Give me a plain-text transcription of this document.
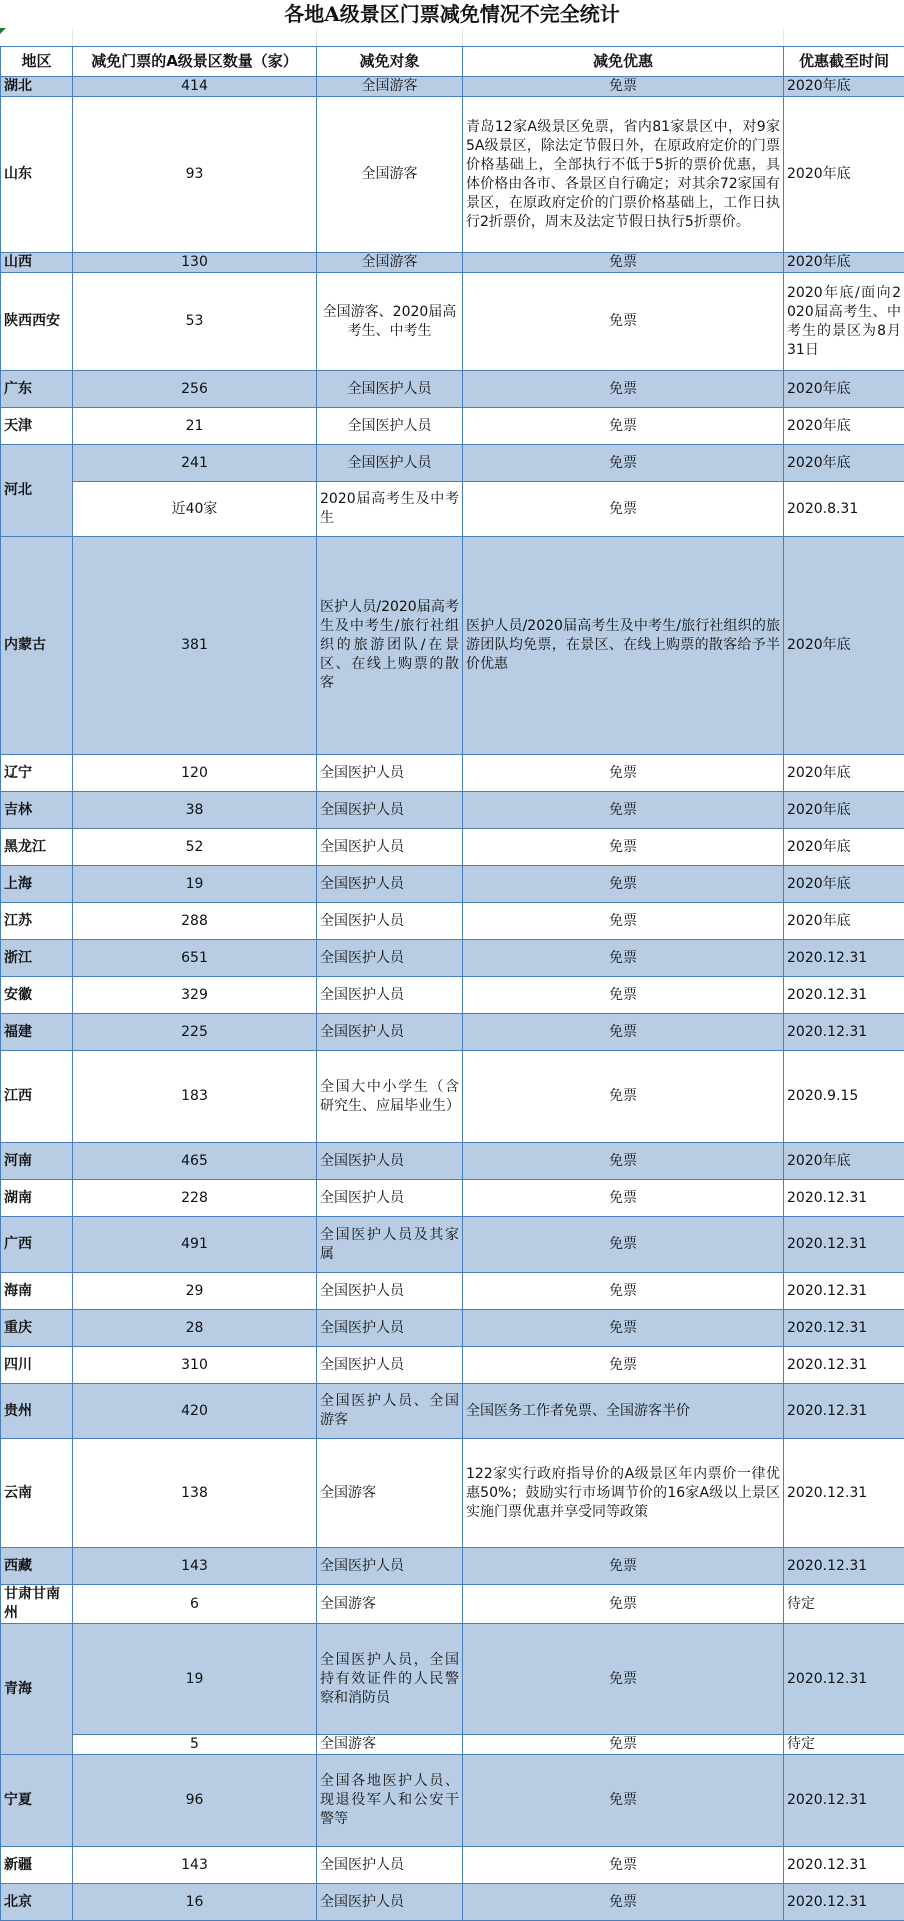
各地A级景区门票减免情况不完全统计
地区	减免门票的A级景区数量（家）	减免对象	减免优惠	优惠截至时间
湖北	414	全国游客	免票	2020年底
山东	93	全国游客	青岛12家A级景区免票，省内81家景区中，对9家5A级景区，除法定节假日外，在原政府定价的门票价格基础上，全部执行不低于5折的票价优惠，具体价格由各市、各景区自行确定；对其余72家国有景区，在原政府定价的门票价格基础上，工作日执行2折票价，周末及法定节假日执行5折票价。	2020年底
山西	130	全国游客	免票	2020年底
陕西西安	53	全国游客、2020届高考生、中考生	免票	2020年底/面向2020届高考生、中考生的景区为8月31日
广东	256	全国医护人员	免票	2020年底
天津	21	全国医护人员	免票	2020年底
河北	241	全国医护人员	免票	2020年底
	近40家	2020届高考生及中考生	免票	2020.8.31
内蒙古	381	医护人员/2020届高考生及中考生/旅行社组织的旅游团队/在景区、在线上购票的散客	医护人员/2020届高考生及中考生/旅行社组织的旅游团队均免票，在景区、在线上购票的散客给予半价优惠	2020年底
辽宁	120	全国医护人员	免票	2020年底
吉林	38	全国医护人员	免票	2020年底
黑龙江	52	全国医护人员	免票	2020年底
上海	19	全国医护人员	免票	2020年底
江苏	288	全国医护人员	免票	2020年底
浙江	651	全国医护人员	免票	2020.12.31
安徽	329	全国医护人员	免票	2020.12.31
福建	225	全国医护人员	免票	2020.12.31
江西	183	全国大中小学生（含研究生、应届毕业生）	免票	2020.9.15
河南	465	全国医护人员	免票	2020年底
湖南	228	全国医护人员	免票	2020.12.31
广西	491	全国医护人员及其家属	免票	2020.12.31
海南	29	全国医护人员	免票	2020.12.31
重庆	28	全国医护人员	免票	2020.12.31
四川	310	全国医护人员	免票	2020.12.31
贵州	420	全国医护人员、全国游客	全国医务工作者免票、全国游客半价	2020.12.31
云南	138	全国游客	122家实行政府指导价的A级景区年内票价一律优惠50%；鼓励实行市场调节价的16家A级以上景区实施门票优惠并享受同等政策	2020.12.31
西藏	143	全国医护人员	免票	2020.12.31
甘肃甘南州	6	全国游客	免票	待定
青海	19	全国医护人员，全国持有效证件的人民警察和消防员	免票	2020.12.31
	5	全国游客	免票	待定
宁夏	96	全国各地医护人员、现退役军人和公安干警等	免票	2020.12.31
新疆	143	全国医护人员	免票	2020.12.31
北京	16	全国医护人员	免票	2020.12.31
